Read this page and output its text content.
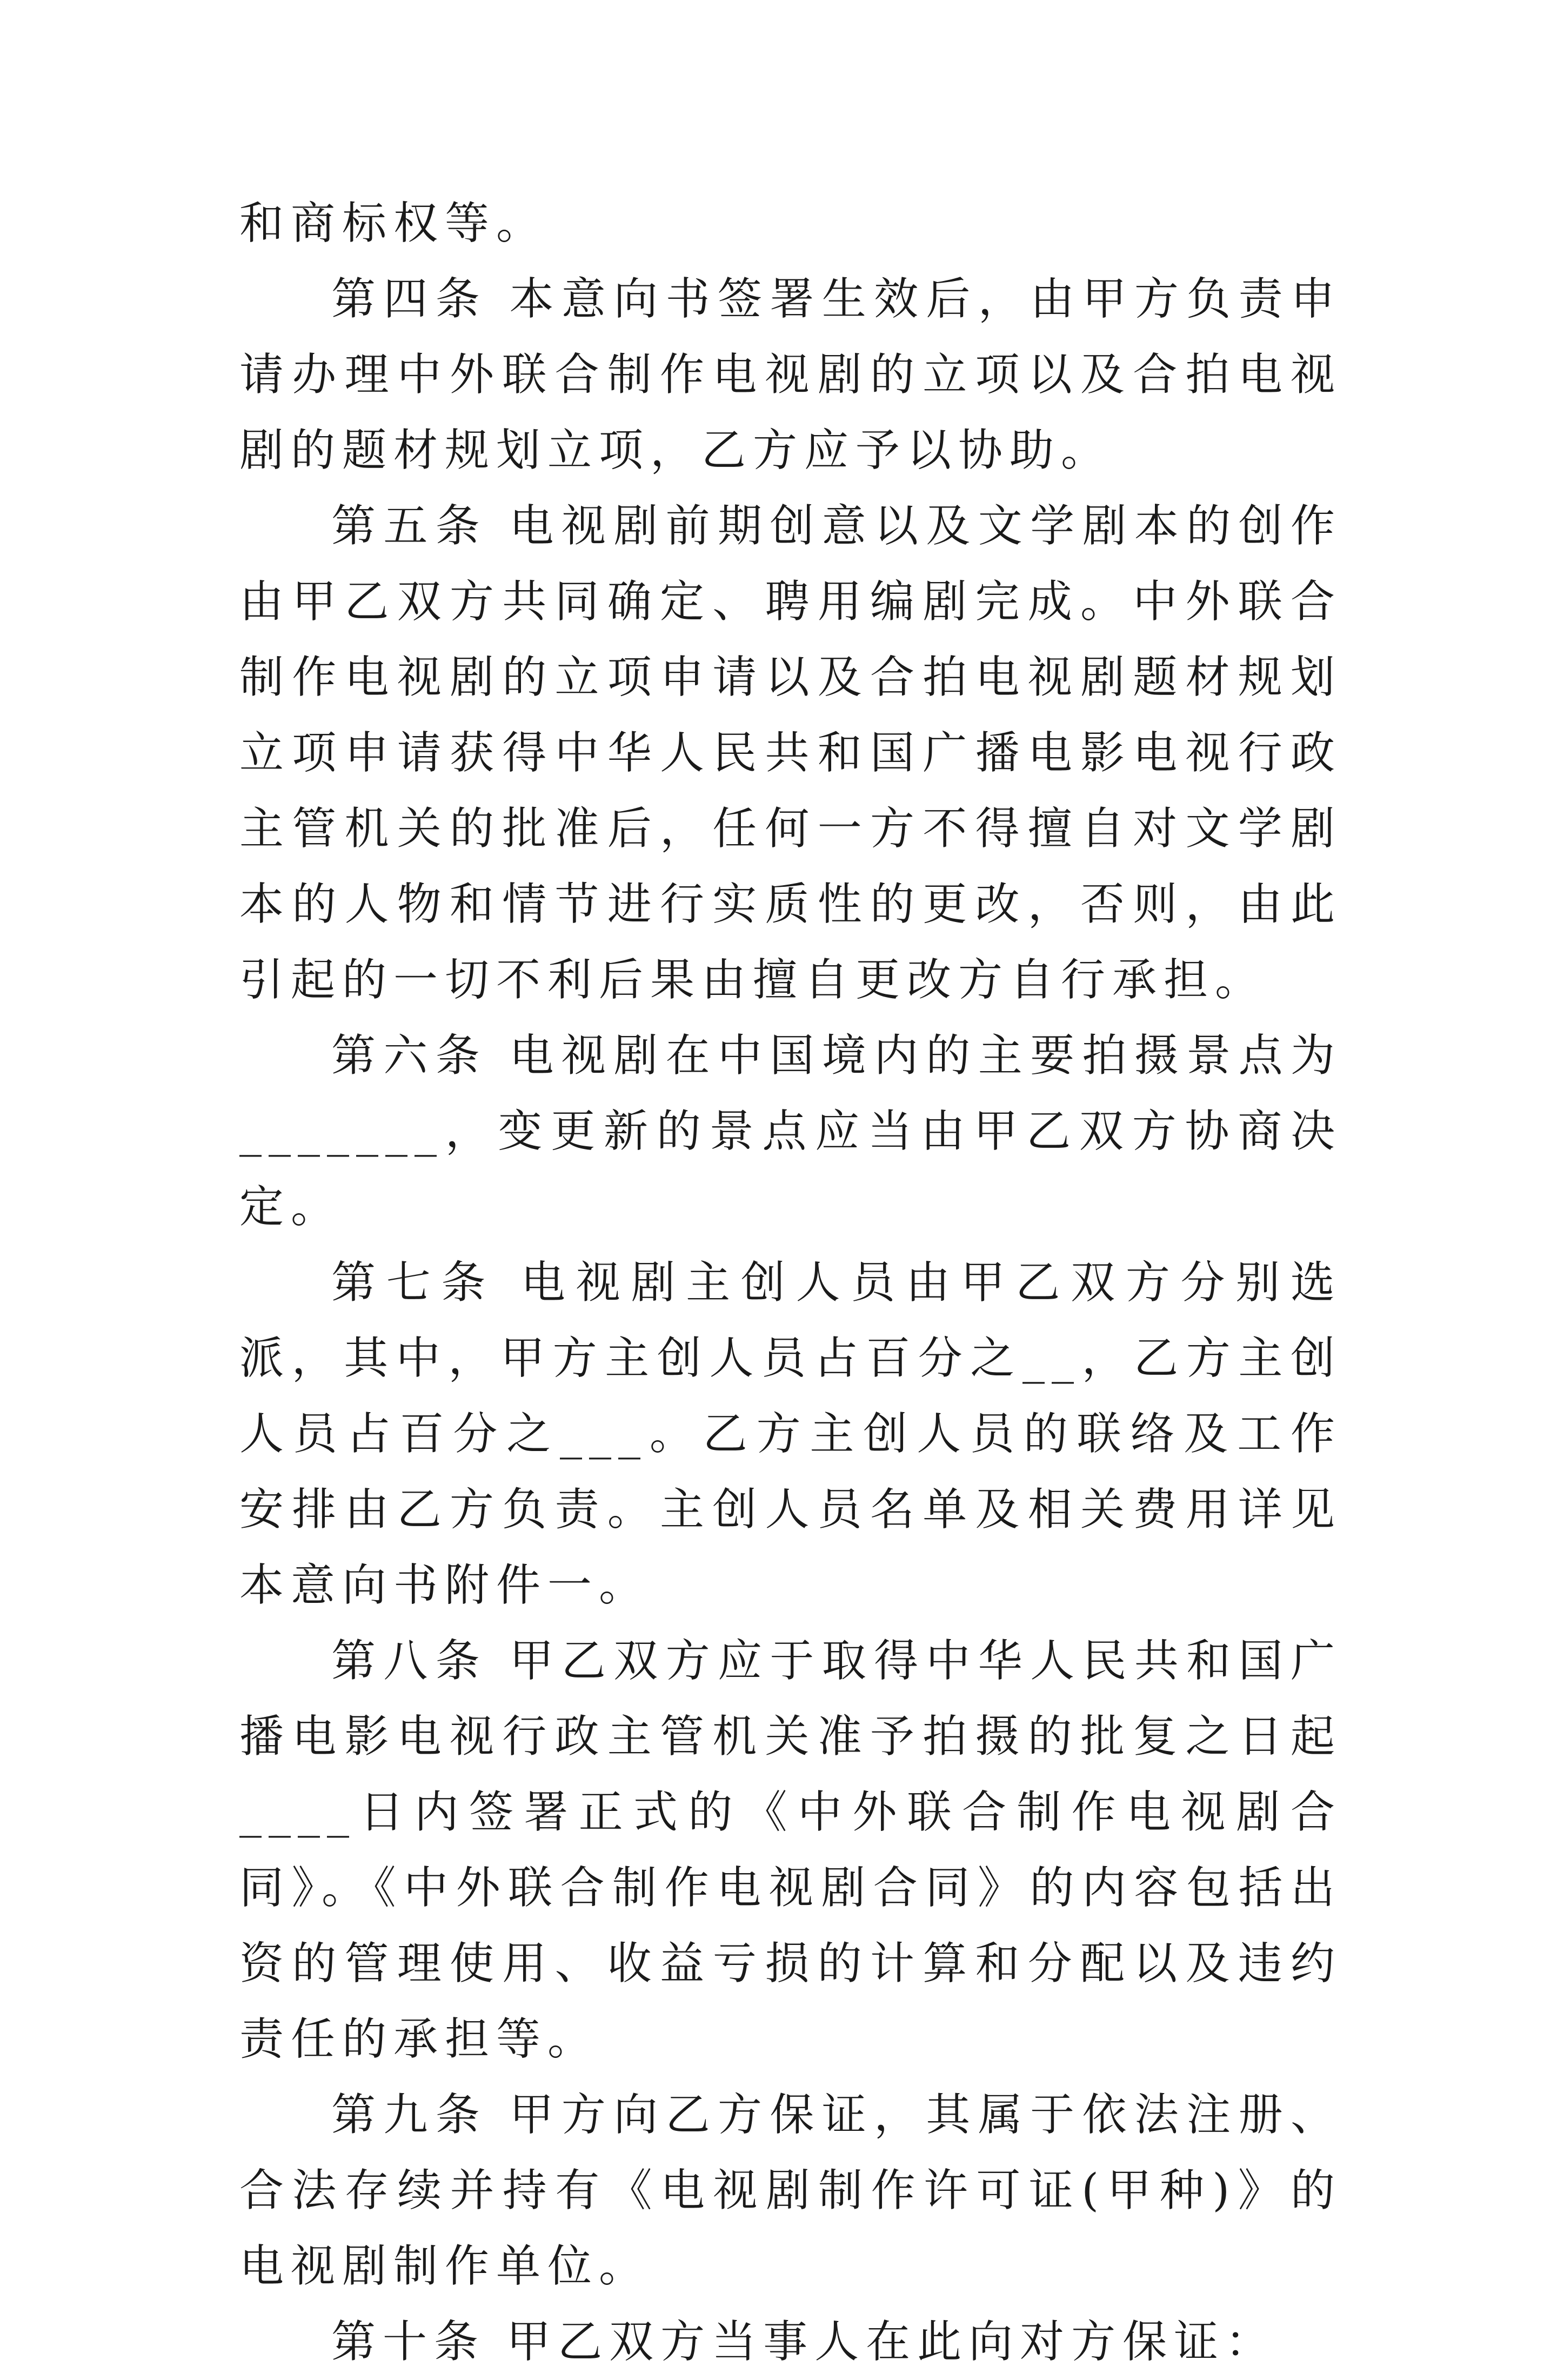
和商标权等。

第四条 本意向书签署生效后，由甲方负责申请办理中外联合制作电视剧的立项以及合拍电视剧的题材规划立项，乙方应予以协助。

第五条 电视剧前期创意以及文学剧本的创作由甲乙双方共同确定、聘用编剧完成。中外联合制作电视剧的立项申请以及合拍电视剧题材规划立项申请获得中华人民共和国广播电影电视行政主管机关的批准后，任何一方不得擅自对文学剧本的人物和情节进行实质性的更改，否则，由此引起的一切不利后果由擅自更改方自行承担。

第六条 电视剧在中国境内的主要拍摄景点为_______，变更新的景点应当由甲乙双方协商决定。

第七条 电视剧主创人员由甲乙双方分别选派，其中，甲方主创人员占百分之__，乙方主创人员占百分之___。乙方主创人员的联络及工作安排由乙方负责。主创人员名单及相关费用详见本意向书附件一。

第八条 甲乙双方应于取得中华人民共和国广播电影电视行政主管机关准予拍摄的批复之日起____日内签署正式的《中外联合制作电视剧合同》。《中外联合制作电视剧合同》的内容包括出资的管理使用、收益亏损的计算和分配以及违约责任的承担等。

第九条 甲方向乙方保证，其属于依法注册、合法存续并持有《电视剧制作许可证(甲种)》的电视剧制作单位。

第十条 甲乙双方当事人在此向对方保证：
